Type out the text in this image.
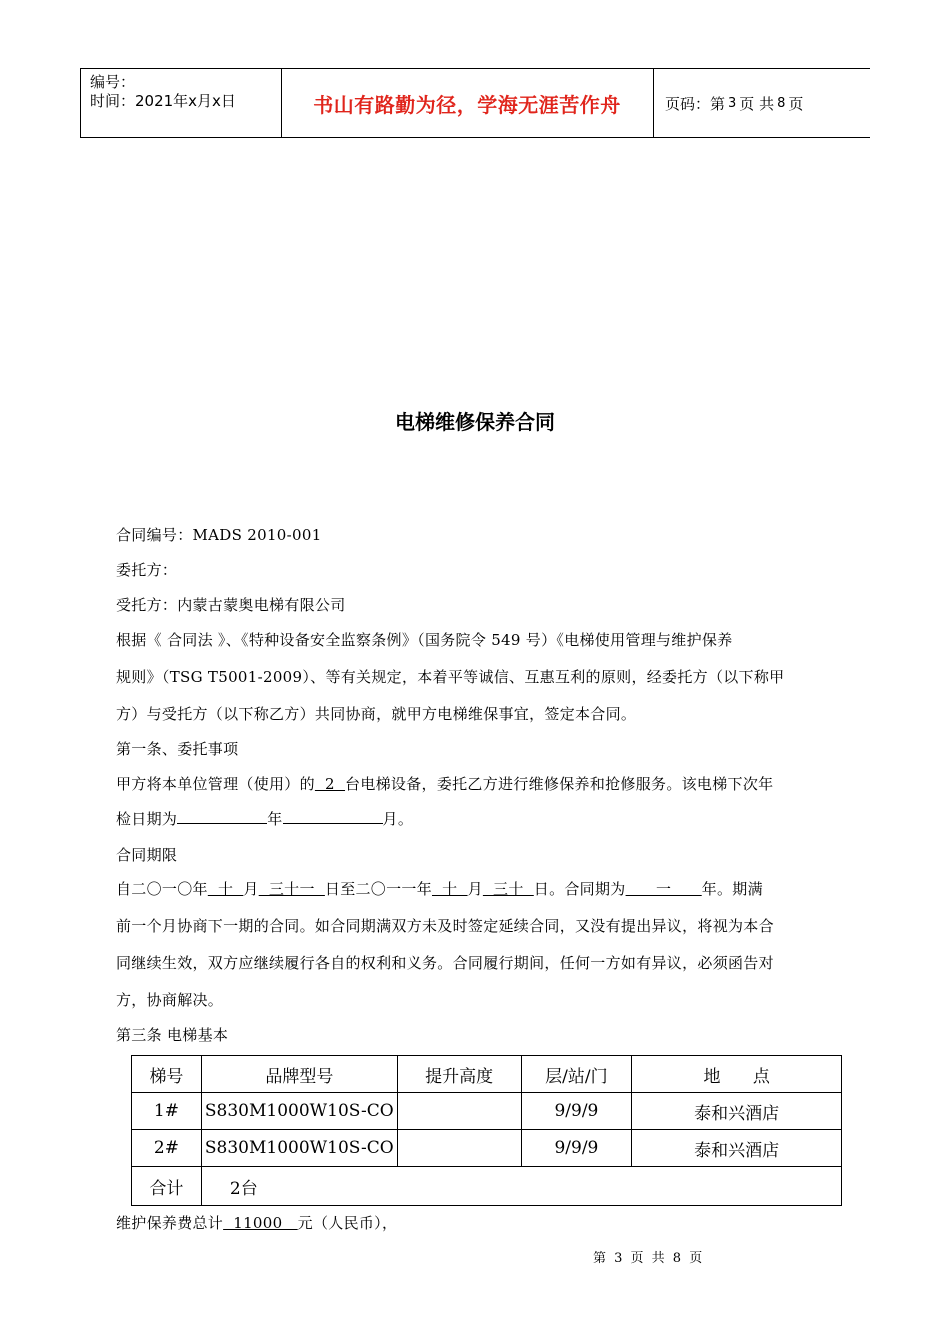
编号：
时间：2021年x月x日	书山有路勤为径，学海无涯苦作舟	页码：第 3 页 共 8 页
电梯维修保养合同
合同编号：MADS 2010-001
委托方：
受托方：内蒙古蒙奥电梯有限公司
根据《 合同法 》、《特种设备安全监察条例》（国务院令 549 号）《电梯使用管理与维护保养
规则》（TSG T5001-2009）、等有关规定，本着平等诚信、互惠互利的原则，经委托方（以下称甲
方）与受托方（以下称乙方）共同协商，就甲方电梯维保事宜，签定本合同。
第一条、委托事项
甲方将本单位管理（使用）的  2  台电梯设备，委托乙方进行维修保养和抢修服务。该电梯下次年
检日期为	年	月。
合同期限
自二〇一〇年  十  月  三十一  日至二〇一一年  十  月  三十  日。合同期为      一      年。期满
前一个月协商下一期的合同。如合同期满双方未及时签定延续合同，又没有提出异议，将视为本合
同继续生效，双方应继续履行各自的权利和义务。合同履行期间，任何一方如有异议，必须函告对
方，协商解决。
第三条 电梯基本
梯号	品牌型号	提升高度	层/站/门	地      点
1#	S830M1000W10S-CO		9/9/9	泰和兴酒店
2#	S830M1000W10S-CO		9/9/9	泰和兴酒店
合计	2台			
维护保养费总计  11000   元（人民币），
第 3 页 共 8 页
